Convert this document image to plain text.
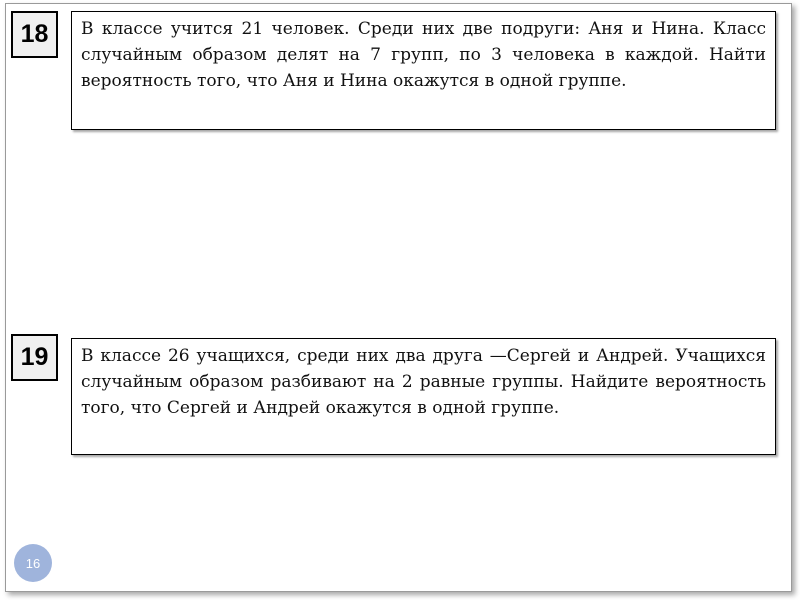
18	В классе учится 21 человек. Среди них две подруги: Аня и Нина. Класс случайным образом делят на 7 групп, по 3 человека в каждой. Найти вероятность того, что Аня и Нина окажутся в одной группе.
19	В классе 26 учащихся, среди них два друга —Сергей и Андрей. Учащихся случайным образом разбивают на 2 равные группы. Найдите вероятность того, что Сергей и Андрей окажутся в одной группе.
16
